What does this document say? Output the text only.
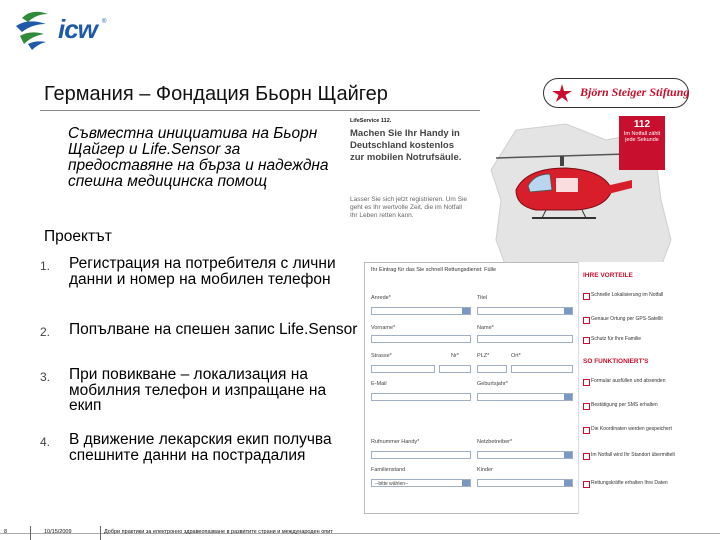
icw ®
Германия – Фондация Бьорн Щайгер
Съвместна инициатива на Бьорн Щайгер и Life.Sensor за предоставяне на бърза и надеждна спешна медицинска помощ
Проектът
1. Регистрация на потребителя с лични данни и номер на мобилен телефон
2. Попълване на спешен запис Life.Sensor
3. При повикване – локализация на мобилния телефон и изпращане на екип
4. В движение лекарския екип получва спешните данни на пострадалия
Björn Steiger Stiftung
LifeService 112.
Machen Sie Ihr Handy in Deutschland kostenlos zur mobilen Notrufsäule.
Lasser Sie sich jetzt registrieren. Um Sie geht es Ihr wertvolle Zeit, die im Notfall Ihr Leben retten kann.
112
Im Notfall zählt jede Sekunde
Ihr Eintrag für das Sie schnell Rettungsdienst: Fülle
Anrede*	Titel
Vorname*	Name*
Strasse*	Nr*	PLZ*	Ort*
E-Mail	Geburtsjahr*
Rufnummer Handy*	Netzbetreiber*
Familienstand	Kinder
--bitte wählen--
IHRE VORTEILE
Schnelle Lokalisierung im Notfall
Genaue Ortung per GPS-Satellit
Schutz für Ihre Familie
SO FUNKTIONIERT'S
Formular ausfüllen und absenden
Bestätigung per SMS erhalten
Die Koordinaten werden gespeichert
Im Notfall wird Ihr Standort übermittelt
Rettungskräfte erhalten Ihre Daten
8	10/15/2009	Добри практики за електронно здравеопазване в развитите страни и международен опит
